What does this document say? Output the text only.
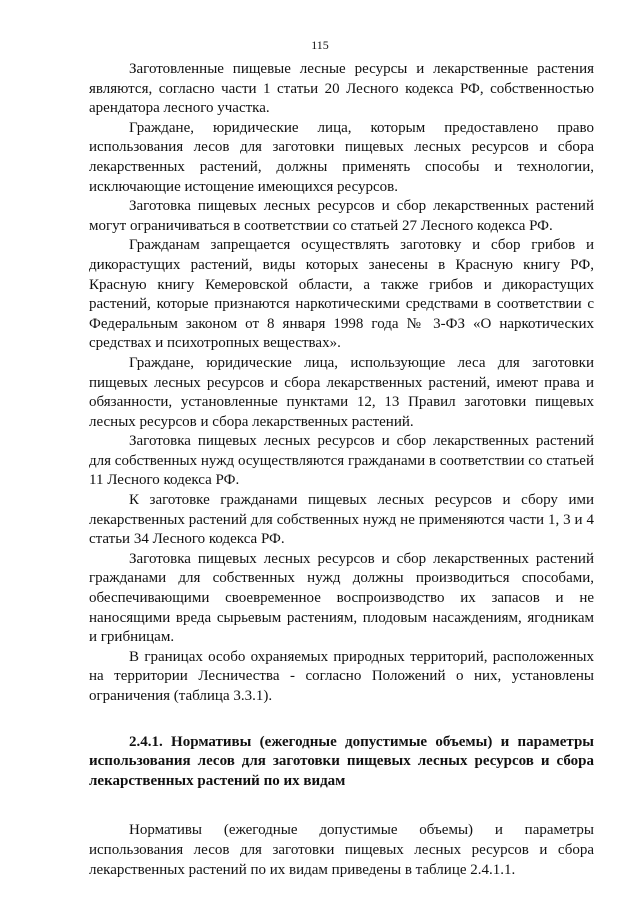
115

Заготовленные пищевые лесные ресурсы и лекарственные растения являются, согласно части 1 статьи 20 Лесного кодекса РФ, собственностью арендатора лесного участка.

Граждане, юридические лица, которым предоставлено право использования лесов для заготовки пищевых лесных ресурсов и сбора лекарственных растений, должны применять способы и технологии, исключающие истощение имеющихся ресурсов.

Заготовка пищевых лесных ресурсов и сбор лекарственных растений могут ограничиваться в соответствии со статьей 27 Лесного кодекса РФ.

Гражданам запрещается осуществлять заготовку и сбор грибов и дикорастущих растений, виды которых занесены в Красную книгу РФ, Красную книгу Кемеровской области, а также грибов и дикорастущих растений, которые признаются наркотическими средствами в соответствии с Федеральным законом от 8 января 1998 года № 3-ФЗ «О наркотических средствах и психотропных веществах».

Граждане, юридические лица, использующие леса для заготовки пищевых лесных ресурсов и сбора лекарственных растений, имеют права и обязанности, установленные пунктами 12, 13 Правил заготовки пищевых лесных ресурсов и сбора лекарственных растений.

Заготовка пищевых лесных ресурсов и сбор лекарственных растений для собственных нужд осуществляются гражданами в соответствии со статьей 11 Лесного кодекса РФ.

К заготовке гражданами пищевых лесных ресурсов и сбору ими лекарственных растений для собственных нужд не применяются части 1, 3 и 4 статьи 34 Лесного кодекса РФ.

Заготовка пищевых лесных ресурсов и сбор лекарственных растений гражданами для собственных нужд должны производиться способами, обеспечивающими своевременное воспроизводство их запасов и не наносящими вреда сырьевым растениям, плодовым насаждениям, ягодникам и грибницам.

В границах особо охраняемых природных территорий, расположенных на территории Лесничества - согласно Положений о них, установлены ограничения (таблица 3.3.1).

2.4.1. Нормативы (ежегодные допустимые объемы) и параметры использования лесов для заготовки пищевых лесных ресурсов и сбора лекарственных растений по их видам

Нормативы (ежегодные допустимые объемы) и параметры использования лесов для заготовки пищевых лесных ресурсов и сбора лекарственных растений по их видам приведены в таблице 2.4.1.1.
